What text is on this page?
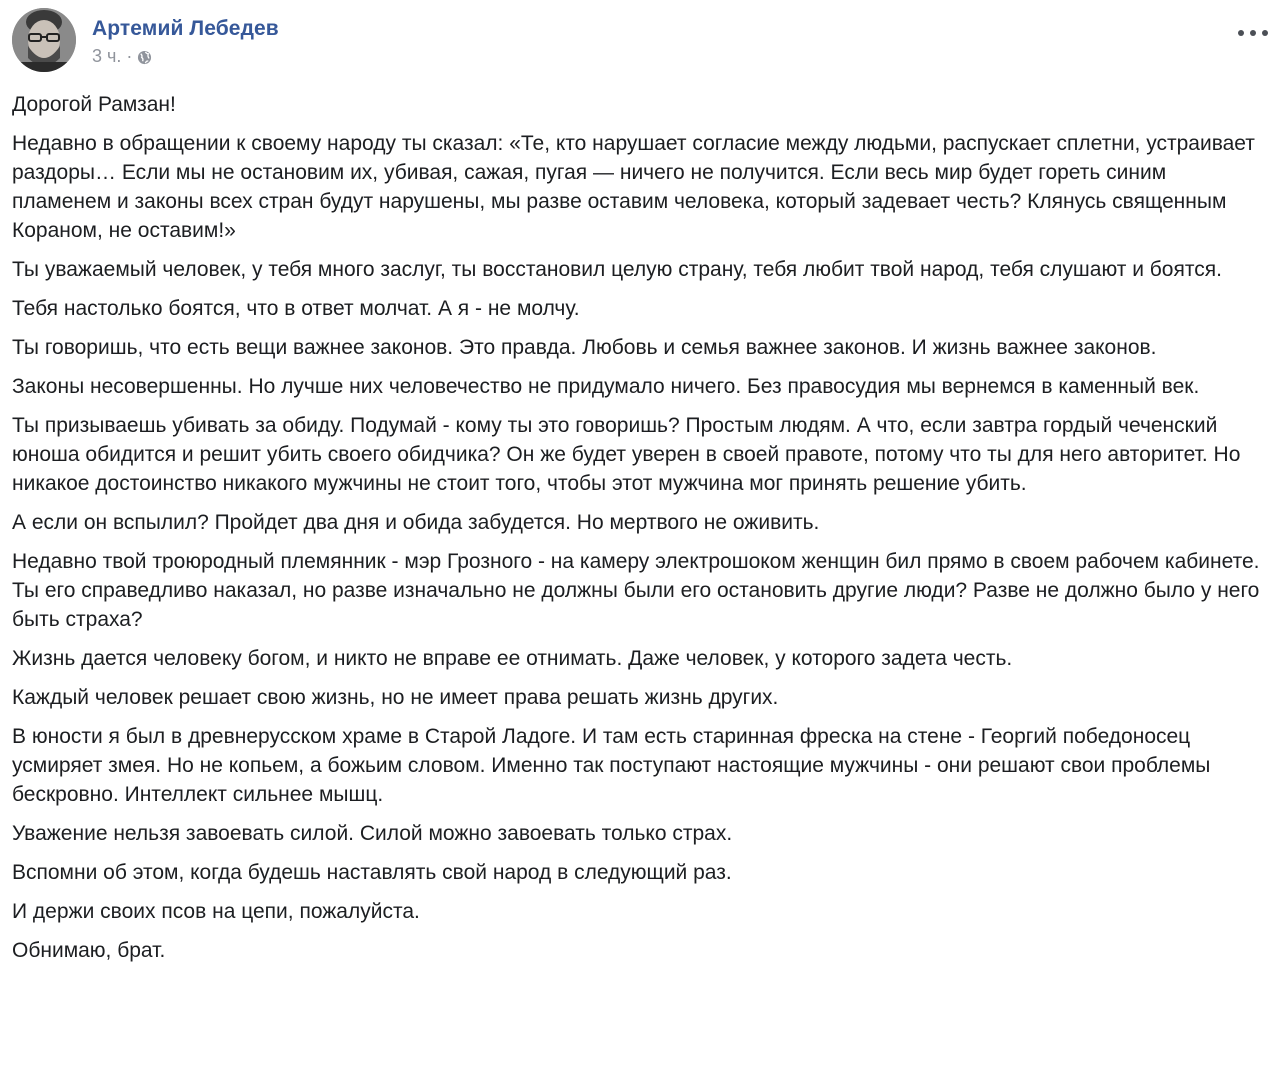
Артемий Лебедев
3 ч. ·

Дорогой Рамзан!

Недавно в обращении к своему народу ты сказал: «Те, кто нарушает согласие между людьми, распускает сплетни, устраивает раздоры… Если мы не остановим их, убивая, сажая, пугая — ничего не получится. Если весь мир будет гореть синим пламенем и законы всех стран будут нарушены, мы разве оставим человека, который задевает честь? Клянусь священным Кораном, не оставим!»

Ты уважаемый человек, у тебя много заслуг, ты восстановил целую страну, тебя любит твой народ, тебя слушают и боятся.

Тебя настолько боятся, что в ответ молчат. А я - не молчу.

Ты говоришь, что есть вещи важнее законов. Это правда. Любовь и семья важнее законов. И жизнь важнее законов.

Законы несовершенны. Но лучше них человечество не придумало ничего. Без правосудия мы вернемся в каменный век.

Ты призываешь убивать за обиду. Подумай - кому ты это говоришь? Простым людям. А что, если завтра гордый чеченский юноша обидится и решит убить своего обидчика? Он же будет уверен в своей правоте, потому что ты для него авторитет. Но никакое достоинство никакого мужчины не стоит того, чтобы этот мужчина мог принять решение убить.

А если он вспылил? Пройдет два дня и обида забудется. Но мертвого не оживить.

Недавно твой троюродный племянник - мэр Грозного - на камеру электрошоком женщин бил прямо в своем рабочем кабинете. Ты его справедливо наказал, но разве изначально не должны были его остановить другие люди? Разве не должно было у него быть страха?

Жизнь дается человеку богом, и никто не вправе ее отнимать. Даже человек, у которого задета честь.

Каждый человек решает свою жизнь, но не имеет права решать жизнь других.

В юности я был в древнерусском храме в Старой Ладоге. И там есть старинная фреска на стене - Георгий победоносец усмиряет змея. Но не копьем, а божьим словом. Именно так поступают настоящие мужчины - они решают свои проблемы бескровно. Интеллект сильнее мышц.

Уважение нельзя завоевать силой. Силой можно завоевать только страх.

Вспомни об этом, когда будешь наставлять свой народ в следующий раз.

И держи своих псов на цепи, пожалуйста.

Обнимаю, брат.
